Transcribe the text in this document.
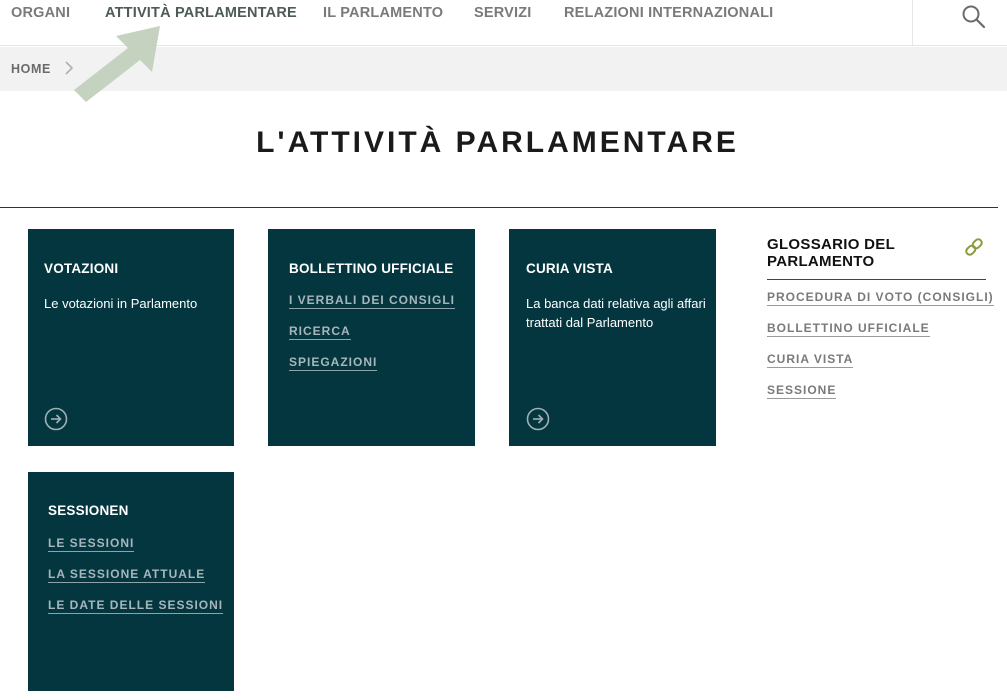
ORGANI ATTIVITÀ PARLAMENTARE IL PARLAMENTO SERVIZI RELAZIONI INTERNAZIONALI
HOME
L'ATTIVITÀ PARLAMENTARE
VOTAZIONI
Le votazioni in Parlamento
BOLLETTINO UFFICIALE
I VERBALI DEI CONSIGLI
RICERCA
SPIEGAZIONI
CURIA VISTA
La banca dati relativa agli affari trattati dal Parlamento
SESSIONEN
LE SESSIONI
LA SESSIONE ATTUALE
LE DATE DELLE SESSIONI
GLOSSARIO DEL PARLAMENTO
PROCEDURA DI VOTO (CONSIGLI)
BOLLETTINO UFFICIALE
CURIA VISTA
SESSIONE
